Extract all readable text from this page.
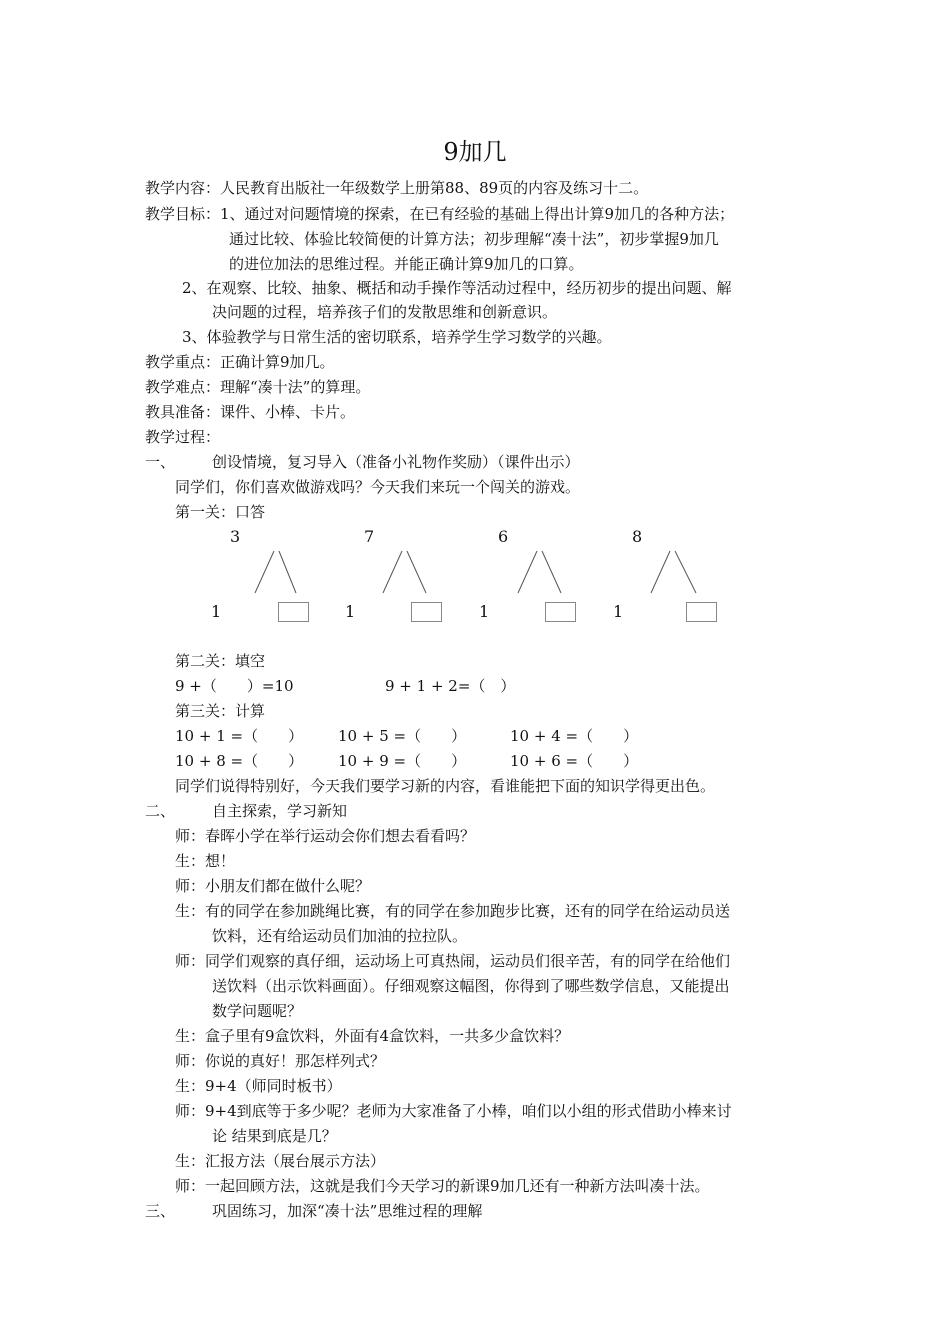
9加几
教学内容：人民教育出版社一年级数学上册第88、89页的内容及练习十二。
教学目标：1、通过对问题情境的探索，在已有经验的基础上得出计算9加几的各种方法；
通过比较、体验比较简便的计算方法；初步理解“凑十法”，初步掌握9加几
的进位加法的思维过程。并能正确计算9加几的口算。
2、在观察、比较、抽象、概括和动手操作等活动过程中，经历初步的提出问题、解
决问题的过程，培养孩子们的发散思维和创新意识。
3、体验教学与日常生活的密切联系，培养学生学习数学的兴趣。
教学重点：正确计算9加几。
教学难点：理解“凑十法”的算理。
教具准备：课件、小棒、卡片。
教学过程：
一、 创设情境，复习导入（准备小礼物作奖励）（课件出示）
同学们，你们喜欢做游戏吗？今天我们来玩一个闯关的游戏。
第一关：口答
3	7	6	8
1	1	1	1
第二关：填空
9 +（　　）=10	9 + 1 + 2=（　）
第三关：计算
10 + 1 =（　　） 10 + 5 =（　　）	10 + 4 =（　　）
10 + 8 =（　　） 10 + 9 =（　　）	10 + 6 =（　　）
同学们说得特别好，今天我们要学习新的内容，看谁能把下面的知识学得更出色。
二、 自主探索，学习新知
师：春晖小学在举行运动会你们想去看看吗？
生：想！
师：小朋友们都在做什么呢？
生：有的同学在参加跳绳比赛，有的同学在参加跑步比赛，还有的同学在给运动员送
饮料，还有给运动员们加油的拉拉队。
师：同学们观察的真仔细，运动场上可真热闹，运动员们很辛苦，有的同学在给他们
送饮料（出示饮料画面）。仔细观察这幅图，你得到了哪些数学信息，又能提出
数学问题呢？
生：盒子里有9盒饮料，外面有4盒饮料，一共多少盒饮料？
师：你说的真好！那怎样列式？
生：9+4（师同时板书）
师：9+4到底等于多少呢？老师为大家准备了小棒，咱们以小组的形式借助小棒来讨
论 结果到底是几？
生：汇报方法（展台展示方法）
师：一起回顾方法，这就是我们今天学习的新课9加几还有一种新方法叫凑十法。
三、 巩固练习，加深“凑十法”思维过程的理解
